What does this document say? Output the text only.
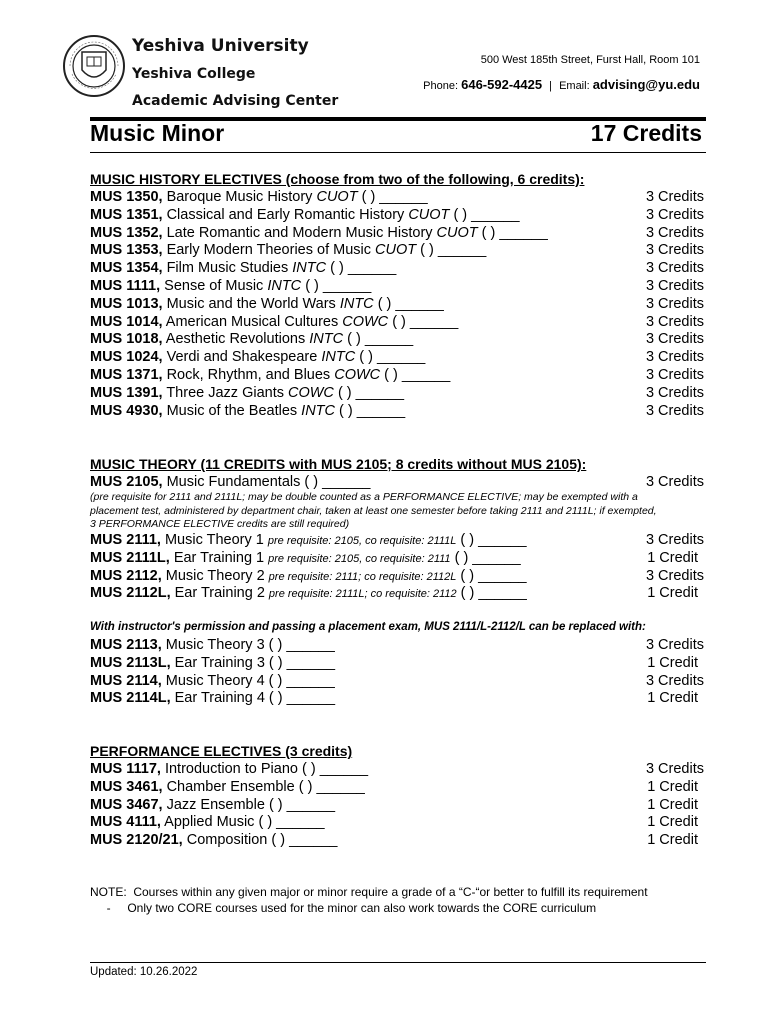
Yeshiva University
Yeshiva College
Academic Advising Center
500 West 185th Street, Furst Hall, Room 101
Phone: 646-592-4425 | Email: advising@yu.edu
Music Minor	17 Credits
MUSIC HISTORY ELECTIVES (choose from two of the following, 6 credits):
MUS 1350, Baroque Music History CUOT ( ) ______	3 Credits
MUS 1351, Classical and Early Romantic History CUOT ( ) ______	3 Credits
MUS 1352, Late Romantic and Modern Music History CUOT ( ) ______	3 Credits
MUS 1353, Early Modern Theories of Music CUOT ( ) ______	3 Credits
MUS 1354, Film Music Studies INTC ( ) ______	3 Credits
MUS 1111, Sense of Music INTC ( ) ______	3 Credits
MUS 1013, Music and the World Wars INTC ( ) ______	3 Credits
MUS 1014, American Musical Cultures COWC ( ) ______	3 Credits
MUS 1018, Aesthetic Revolutions INTC ( ) ______	3 Credits
MUS 1024, Verdi and Shakespeare INTC ( ) ______	3 Credits
MUS 1371, Rock, Rhythm, and Blues COWC ( ) ______	3 Credits
MUS 1391, Three Jazz Giants COWC ( ) ______	3 Credits
MUS 4930, Music of the Beatles INTC ( ) ______	3 Credits
MUSIC THEORY (11 CREDITS with MUS 2105; 8 credits without MUS 2105):
MUS 2105, Music Fundamentals ( ) ______	3 Credits
(pre requisite for 2111 and 2111L; may be double counted as a PERFORMANCE ELECTIVE; may be exempted with a
placement test, administered by department chair, taken at least one semester before taking 2111 and 2111L; if exempted,
3 PERFORMANCE ELECTIVE credits are still required)
MUS 2111, Music Theory 1 pre requisite: 2105, co requisite: 2111L ( ) ______	3 Credits
MUS 2111L, Ear Training 1 pre requisite: 2105, co requisite: 2111 ( ) ______	1 Credit
MUS 2112, Music Theory 2 pre requisite: 2111; co requisite: 2112L ( ) ______	3 Credits
MUS 2112L, Ear Training 2 pre requisite: 2111L; co requisite: 2112 ( ) ______	1 Credit
With instructor's permission and passing a placement exam, MUS 2111/L-2112/L can be replaced with:
MUS 2113, Music Theory 3 ( ) ______	3 Credits
MUS 2113L, Ear Training 3 ( ) ______	1 Credit
MUS 2114, Music Theory 4 ( ) ______	3 Credits
MUS 2114L, Ear Training 4 ( ) ______	1 Credit
PERFORMANCE ELECTIVES (3 credits)
MUS 1117, Introduction to Piano ( ) ______	3 Credits
MUS 3461, Chamber Ensemble ( ) ______	1 Credit
MUS 3467, Jazz Ensemble ( ) ______	1 Credit
MUS 4111, Applied Music ( ) ______	1 Credit
MUS 2120/21, Composition ( ) ______	1 Credit
NOTE:  Courses within any given major or minor require a grade of a “C-“or better to fulfill its requirement
-     Only two CORE courses used for the minor can also work towards the CORE curriculum
Updated: 10.26.2022
